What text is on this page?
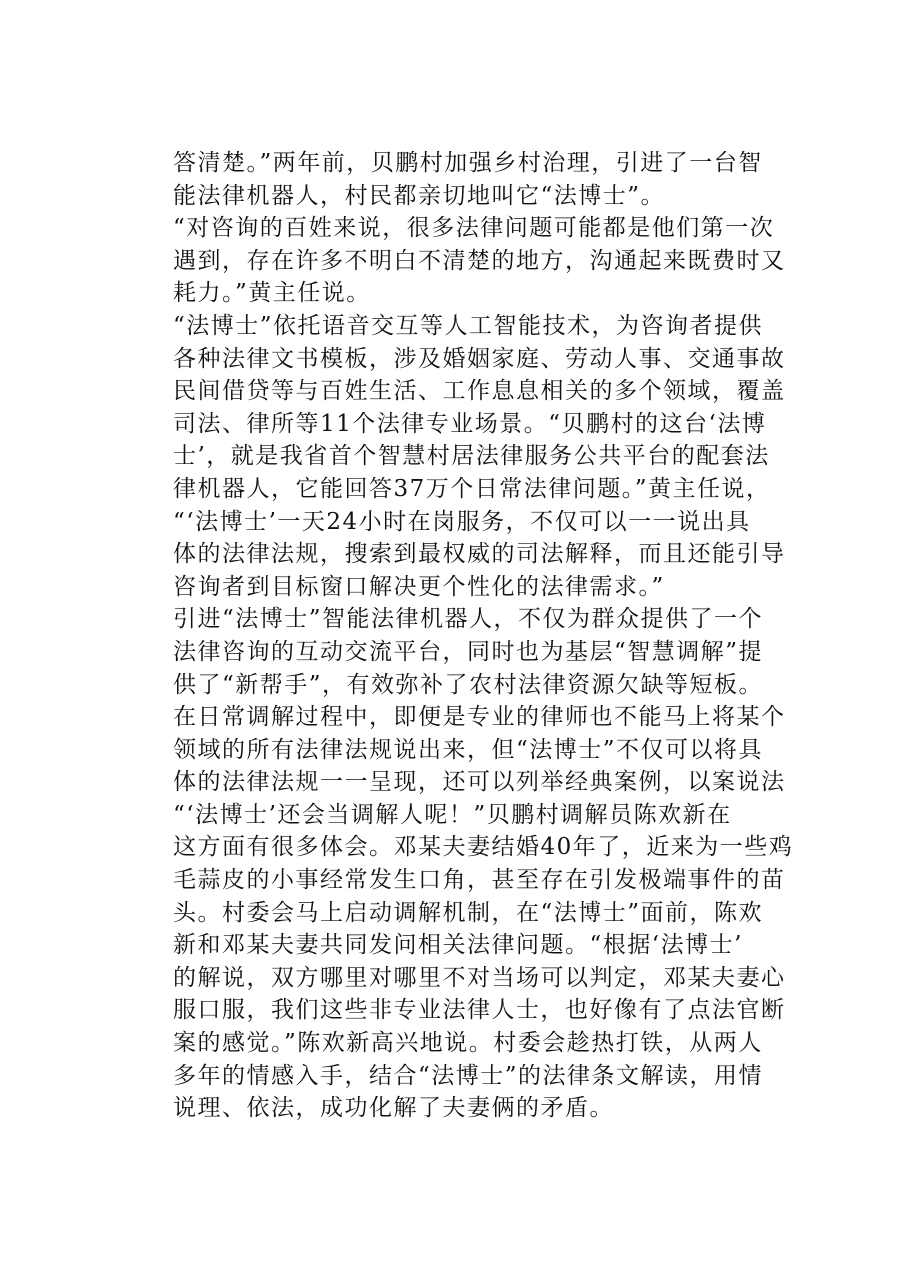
答清楚。”两年前，贝鹏村加强乡村治理，引进了一台智
能法律机器人，村民都亲切地叫它“法博士”。
“对咨询的百姓来说，很多法律问题可能都是他们第一次
遇到，存在许多不明白不清楚的地方，沟通起来既费时又
耗力。”黄主任说。
“法博士”依托语音交互等人工智能技术，为咨询者提供
各种法律文书模板，涉及婚姻家庭、劳动人事、交通事故
民间借贷等与百姓生活、工作息息相关的多个领域，覆盖
司法、律所等11个法律专业场景。“贝鹏村的这台‘法博
士’，就是我省首个智慧村居法律服务公共平台的配套法
律机器人，它能回答37万个日常法律问题。”黄主任说，
“‘法博士’一天24小时在岗服务，不仅可以一一说出具
体的法律法规，搜索到最权威的司法解释，而且还能引导
咨询者到目标窗口解决更个性化的法律需求。”
引进“法博士”智能法律机器人，不仅为群众提供了一个
法律咨询的互动交流平台，同时也为基层“智慧调解”提
供了“新帮手”，有效弥补了农村法律资源欠缺等短板。
在日常调解过程中，即便是专业的律师也不能马上将某个
领域的所有法律法规说出来，但“法博士”不仅可以将具
体的法律法规一一呈现，还可以列举经典案例，以案说法
“‘法博士’还会当调解人呢！”贝鹏村调解员陈欢新在
这方面有很多体会。邓某夫妻结婚40年了，近来为一些鸡
毛蒜皮的小事经常发生口角，甚至存在引发极端事件的苗
头。村委会马上启动调解机制，在“法博士”面前，陈欢
新和邓某夫妻共同发问相关法律问题。“根据‘法博士’
的解说，双方哪里对哪里不对当场可以判定，邓某夫妻心
服口服，我们这些非专业法律人士，也好像有了点法官断
案的感觉。”陈欢新高兴地说。村委会趁热打铁，从两人
多年的情感入手，结合“法博士”的法律条文解读，用情
说理、依法，成功化解了夫妻俩的矛盾。
